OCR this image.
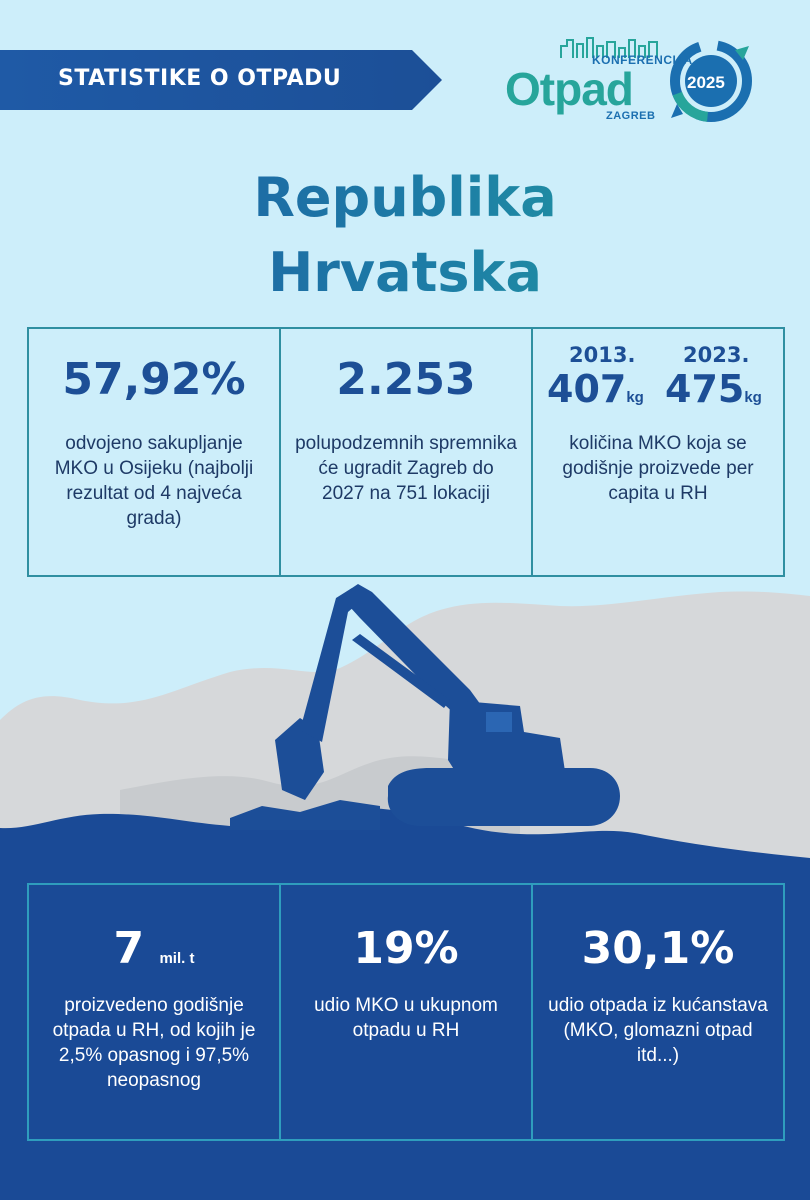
STATISTIKE O OTPADU
KONFERENCIJA
Otpad
ZAGREB
2025
Republika
Hrvatska
57,92%
odvojeno sakupljanje MKO u Osijeku (najbolji rezultat od 4 najveća grada)
2.253
polupodzemnih spremnika će ugradit Zagreb do 2027 na 751 lokaciji
2013. 2023.
407kg 475kg
količina MKO koja se godišnje proizvede per capita u RH
7 mil. t
proizvedeno godišnje otpada u RH, od kojih je 2,5% opasnog i 97,5% neopasnog
19%
udio MKO u ukupnom otpadu u RH
30,1%
udio otpada iz kućanstava (MKO, glomazni otpad itd...)
